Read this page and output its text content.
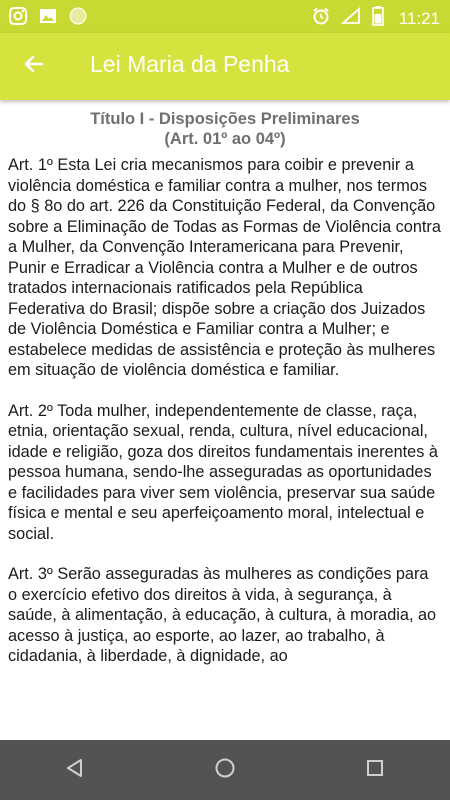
11:21
Lei Maria da Penha
Título I - Disposições Preliminares
(Art. 01º ao 04º)

Art. 1º Esta Lei cria mecanismos para coibir e prevenir a violência doméstica e familiar contra a mulher, nos termos do § 8o do art. 226 da Constituição Federal, da Convenção sobre a Eliminação de Todas as Formas de Violência contra a Mulher, da Convenção Interamericana para Prevenir, Punir e Erradicar a Violência contra a Mulher e de outros tratados internacionais ratificados pela República Federativa do Brasil; dispõe sobre a criação dos Juizados de Violência Doméstica e Familiar contra a Mulher; e estabelece medidas de assistência e proteção às mulheres em situação de violência doméstica e familiar.

Art. 2º Toda mulher, independentemente de classe, raça, etnia, orientação sexual, renda, cultura, nível educacional, idade e religião, goza dos direitos fundamentais inerentes à pessoa humana, sendo-lhe asseguradas as oportunidades e facilidades para viver sem violência, preservar sua saúde física e mental e seu aperfeiçoamento moral, intelectual e social.

Art. 3º Serão asseguradas às mulheres as condições para o exercício efetivo dos direitos à vida, à segurança, à saúde, à alimentação, à educação, à cultura, à moradia, ao acesso à justiça, ao esporte, ao lazer, ao trabalho, à cidadania, à liberdade, à dignidade, ao
